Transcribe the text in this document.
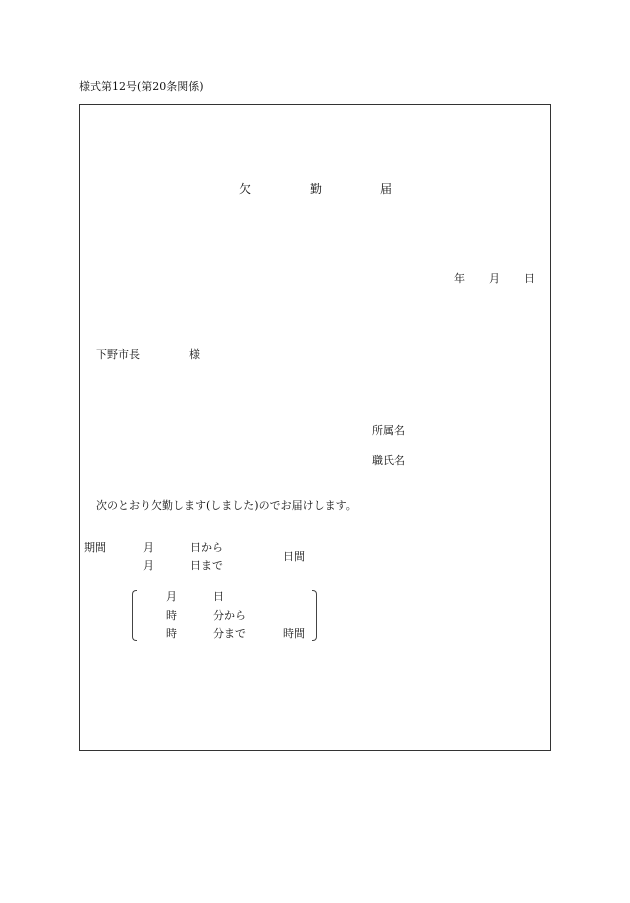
様式第12号(第20条関係)
欠	勤	届
年 月 日
下野市長	様
所属名
職氏名
次のとおり欠勤します(しました)のでお届けします。
期間	月	日から
月	日まで
日間
月	日
時	分から
時	分まで	時間
